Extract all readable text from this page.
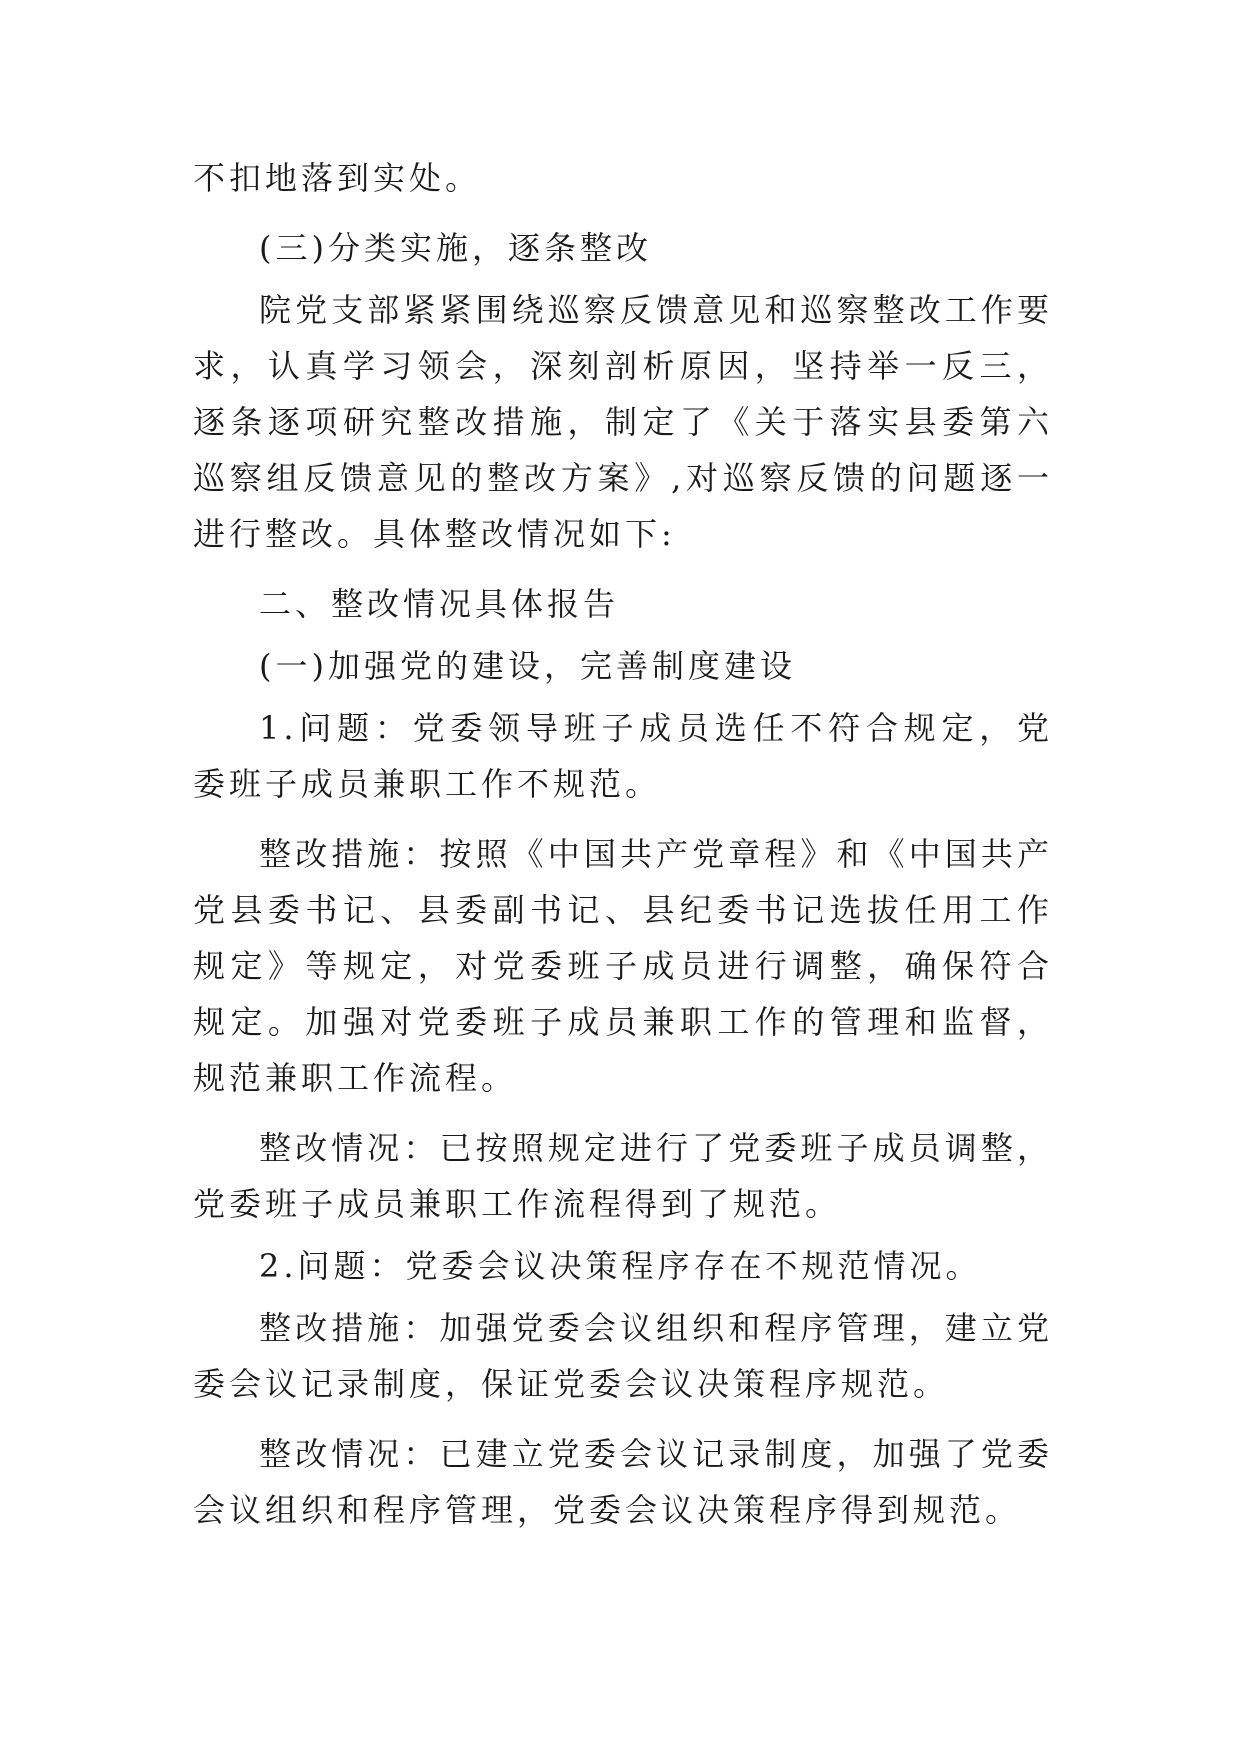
不扣地落到实处。

(三)分类实施，逐条整改

院党支部紧紧围绕巡察反馈意见和巡察整改工作要求，认真学习领会，深刻剖析原因，坚持举一反三，逐条逐项研究整改措施，制定了《关于落实县委第六巡察组反馈意见的整改方案》,对巡察反馈的问题逐一进行整改。具体整改情况如下:

二、整改情况具体报告

(一)加强党的建设，完善制度建设

1.问题：党委领导班子成员选任不符合规定，党委班子成员兼职工作不规范。

整改措施：按照《中国共产党章程》和《中国共产党县委书记、县委副书记、县纪委书记选拔任用工作规定》等规定，对党委班子成员进行调整，确保符合规定。加强对党委班子成员兼职工作的管理和监督，规范兼职工作流程。

整改情况：已按照规定进行了党委班子成员调整，党委班子成员兼职工作流程得到了规范。

2.问题：党委会议决策程序存在不规范情况。

整改措施：加强党委会议组织和程序管理，建立党委会议记录制度，保证党委会议决策程序规范。

整改情况：已建立党委会议记录制度，加强了党委会议组织和程序管理，党委会议决策程序得到规范。
